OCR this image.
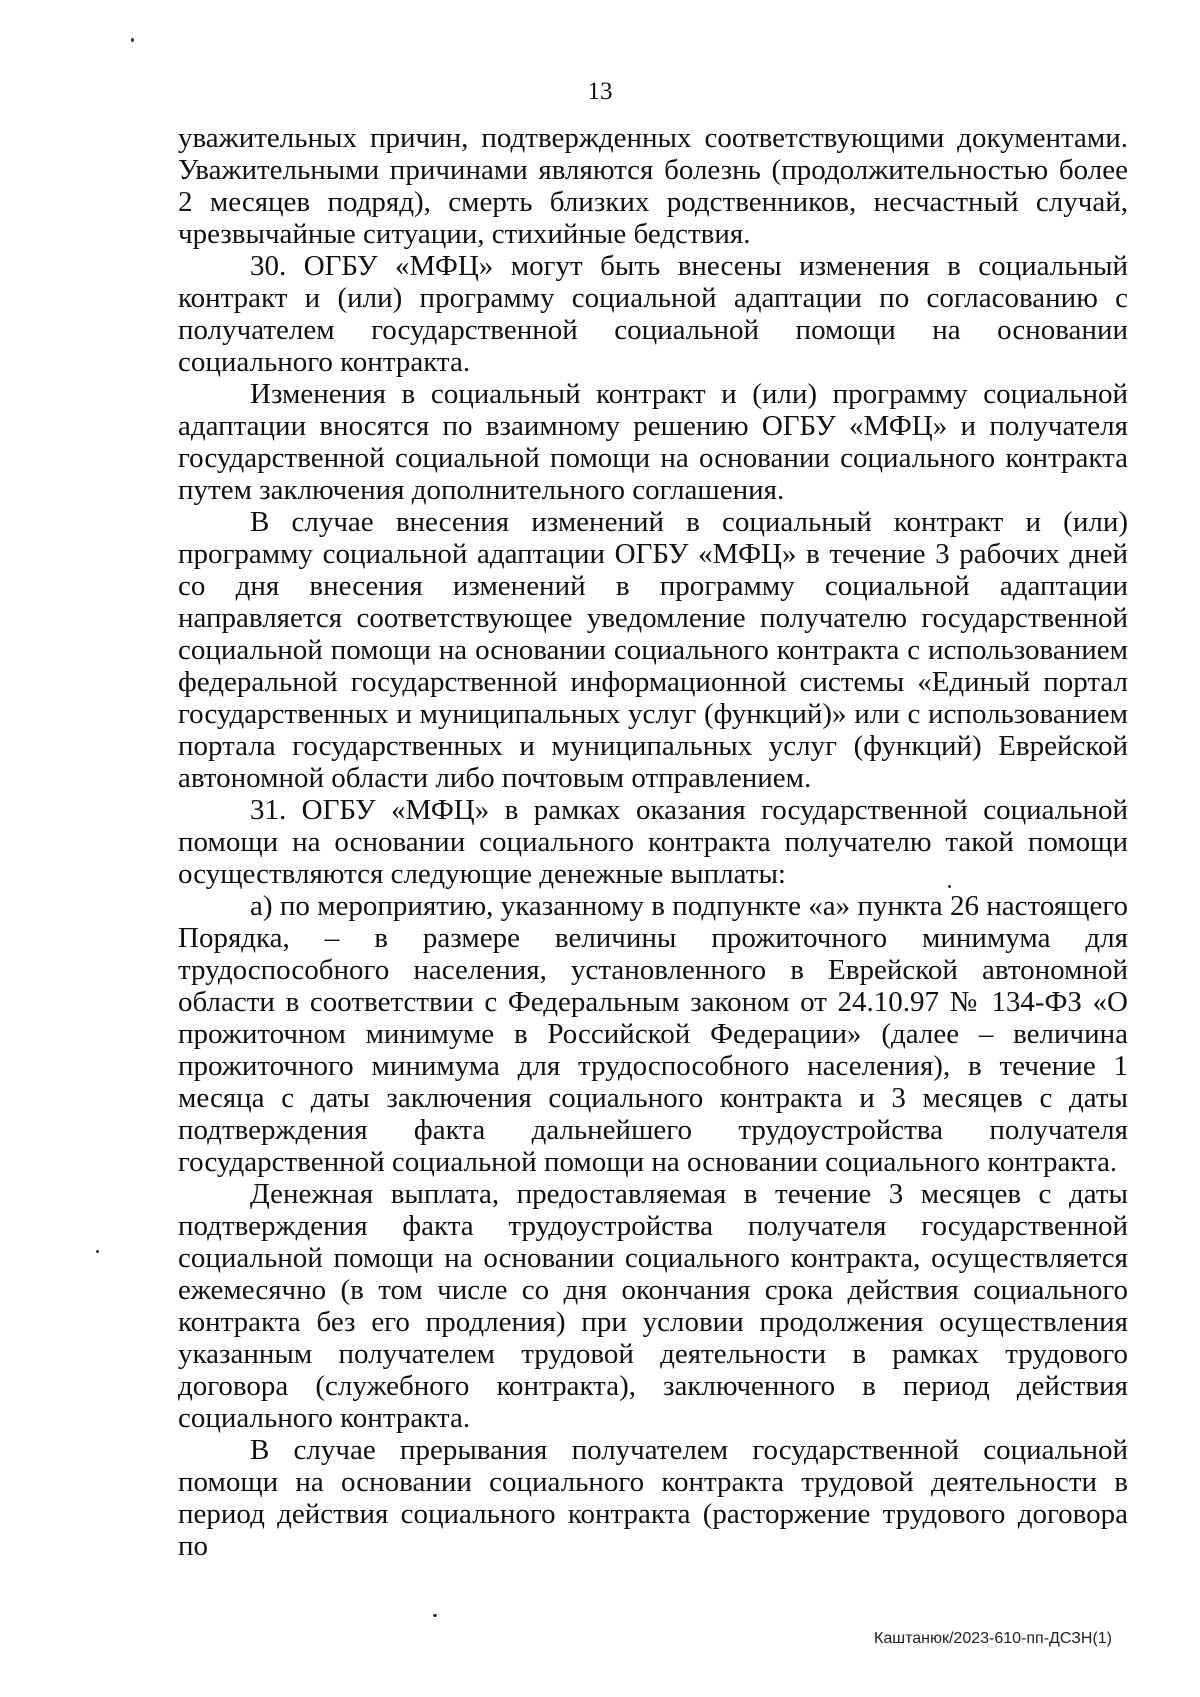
13

уважительных причин, подтвержденных соответствующими документами. Уважительными причинами являются болезнь (продолжительностью более 2 месяцев подряд), смерть близких родственников, несчастный случай, чрезвычайные ситуации, стихийные бедствия.

30. ОГБУ «МФЦ» могут быть внесены изменения в социальный контракт и (или) программу социальной адаптации по согласованию с получателем государственной социальной помощи на основании социального контракта.

Изменения в социальный контракт и (или) программу социальной адаптации вносятся по взаимному решению ОГБУ «МФЦ» и получателя государственной социальной помощи на основании социального контракта путем заключения дополнительного соглашения.

В случае внесения изменений в социальный контракт и (или) программу социальной адаптации ОГБУ «МФЦ» в течение 3 рабочих дней со дня внесения изменений в программу социальной адаптации направляется соответствующее уведомление получателю государственной социальной помощи на основании социального контракта с использованием федеральной государственной информационной системы «Единый портал государственных и муниципальных услуг (функций)» или с использованием портала государственных и муниципальных услуг (функций) Еврейской автономной области либо почтовым отправлением.

31. ОГБУ «МФЦ» в рамках оказания государственной социальной помощи на основании социального контракта получателю такой помощи осуществляются следующие денежные выплаты:

а) по мероприятию, указанному в подпункте «а» пункта 26 настоящего Порядка, – в размере величины прожиточного минимума для трудоспособного населения, установленного в Еврейской автономной области в соответствии с Федеральным законом от 24.10.97 № 134-ФЗ «О прожиточном минимуме в Российской Федерации» (далее – величина прожиточного минимума для трудоспособного населения), в течение 1 месяца с даты заключения социального контракта и 3 месяцев с даты подтверждения факта дальнейшего трудоустройства получателя государственной социальной помощи на основании социального контракта.

Денежная выплата, предоставляемая в течение 3 месяцев с даты подтверждения факта трудоустройства получателя государственной социальной помощи на основании социального контракта, осуществляется ежемесячно (в том числе со дня окончания срока действия социального контракта без его продления) при условии продолжения осуществления указанным получателем трудовой деятельности в рамках трудового договора (служебного контракта), заключенного в период действия социального контракта.

В случае прерывания получателем государственной социальной помощи на основании социального контракта трудовой деятельности в период действия социального контракта (расторжение трудового договора по

Каштанюк/2023-610-пп-ДСЗН(1)
